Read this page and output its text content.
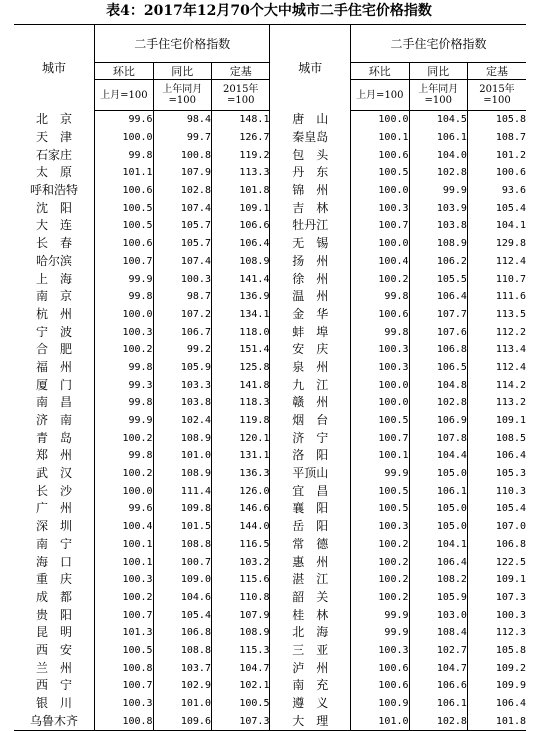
表4：2017年12月70个大中城市二手住宅价格指数
城市	二手住宅价格指数			城市	二手住宅价格指数		
	环比	同比	定基		环比	同比	定基
	上月=100	上年同月=100	2015年=100		上月=100	上年同月=100	2015年=100
北　京	99.6	98.4	148.1	唐　山	100.0	104.5	105.8
天　津	100.0	99.7	126.7	秦皇岛	100.1	106.1	108.7
石家庄	99.8	100.8	119.2	包　头	100.6	104.0	101.2
太　原	101.1	107.9	113.3	丹　东	100.5	102.8	100.6
呼和浩特	100.6	102.8	101.8	锦　州	100.0	99.9	93.6
沈　阳	100.5	107.4	109.1	吉　林	100.3	103.9	105.4
大　连	100.5	105.7	106.6	牡丹江	100.7	103.8	104.1
长　春	100.6	105.7	106.4	无　锡	100.0	108.9	129.8
哈尔滨	100.7	107.4	108.9	扬　州	100.4	106.2	112.4
上　海	99.9	100.3	141.4	徐　州	100.2	105.5	110.7
南　京	99.8	98.7	136.9	温　州	99.8	106.4	111.6
杭　州	100.0	107.2	134.1	金　华	100.6	107.7	113.5
宁　波	100.3	106.7	118.0	蚌　埠	99.8	107.6	112.2
合　肥	100.2	99.2	151.4	安　庆	100.3	106.8	113.4
福　州	99.8	105.9	125.8	泉　州	100.3	106.5	112.4
厦　门	99.3	103.3	141.8	九　江	100.0	104.8	114.2
南　昌	99.8	103.8	118.3	赣　州	100.0	102.8	113.2
济　南	99.9	102.4	119.8	烟　台	100.5	106.9	109.1
青　岛	100.2	108.9	120.1	济　宁	100.7	107.8	108.5
郑　州	99.8	101.0	131.1	洛　阳	100.1	104.4	106.4
武　汉	100.2	108.9	136.3	平顶山	99.9	105.0	105.3
长　沙	100.0	111.4	126.0	宜　昌	100.5	106.1	110.3
广　州	99.6	109.8	146.6	襄　阳	100.5	105.0	105.4
深　圳	100.4	101.5	144.0	岳　阳	100.3	105.0	107.0
南　宁	100.1	108.8	116.5	常　德	100.2	104.1	106.8
海　口	100.1	100.7	103.2	惠　州	100.2	106.4	122.5
重　庆	100.3	109.0	115.6	湛　江	100.2	108.2	109.1
成　都	100.2	104.6	110.8	韶　关	100.2	105.9	107.3
贵　阳	100.7	105.4	107.9	桂　林	99.9	103.0	100.3
昆　明	101.3	106.8	108.9	北　海	99.9	108.4	112.3
西　安	100.5	108.8	115.3	三　亚	100.3	102.7	105.8
兰　州	100.8	103.7	104.7	泸　州	100.6	104.7	109.2
西　宁	100.7	102.9	102.1	南　充	100.6	106.6	109.9
银　川	100.3	101.0	100.5	遵　义	100.9	106.1	106.4
乌鲁木齐	100.8	109.6	107.3	大　理	101.0	102.8	101.8
